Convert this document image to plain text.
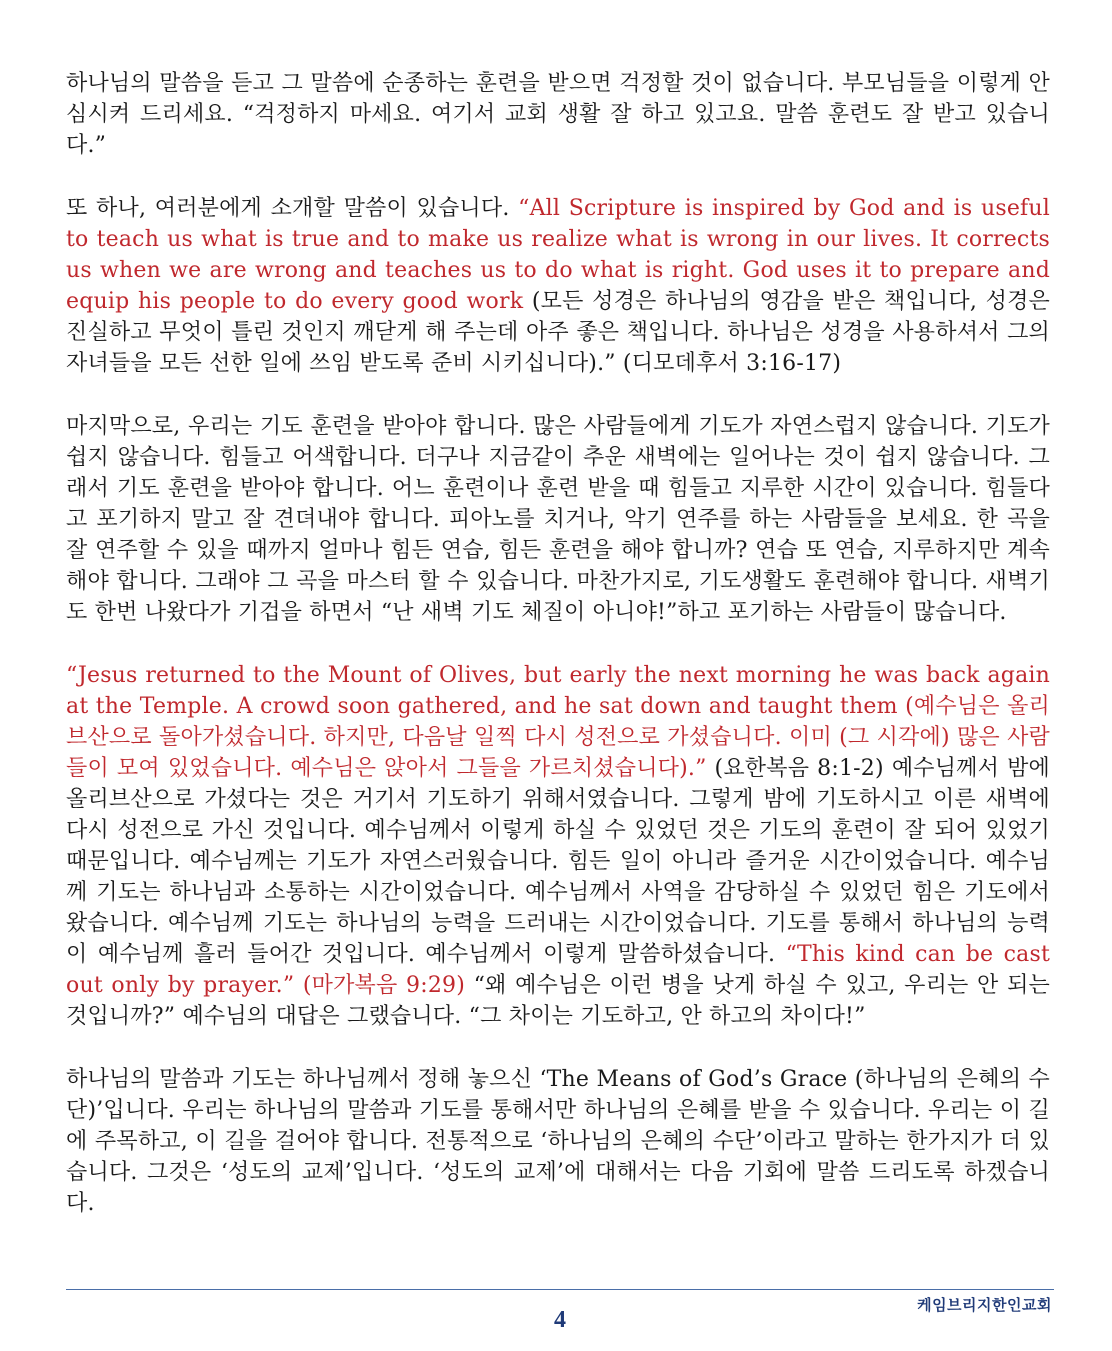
하나님의 말씀을 듣고 그 말씀에 순종하는 훈련을 받으면 걱정할 것이 없습니다. 부모님들을 이렇게 안심시켜 드리세요. “걱정하지 마세요. 여기서 교회 생활 잘 하고 있고요. 말씀 훈련도 잘 받고 있습니다.”

또 하나, 여러분에게 소개할 말씀이 있습니다. “All Scripture is inspired by God and is useful to teach us what is true and to make us realize what is wrong in our lives. It corrects us when we are wrong and teaches us to do what is right. God uses it to prepare and equip his people to do every good work (모든 성경은 하나님의 영감을 받은 책입니다, 성경은 진실하고 무엇이 틀린 것인지 깨닫게 해 주는데 아주 좋은 책입니다. 하나님은 성경을 사용하셔서 그의 자녀들을 모든 선한 일에 쓰임 받도록 준비 시키십니다).” (디모데후서 3:16-17)

마지막으로, 우리는 기도 훈련을 받아야 합니다. 많은 사람들에게 기도가 자연스럽지 않습니다. 기도가 쉽지 않습니다. 힘들고 어색합니다. 더구나 지금같이 추운 새벽에는 일어나는 것이 쉽지 않습니다. 그래서 기도 훈련을 받아야 합니다. 어느 훈련이나 훈련 받을 때 힘들고 지루한 시간이 있습니다. 힘들다고 포기하지 말고 잘 견뎌내야 합니다. 피아노를 치거나, 악기 연주를 하는 사람들을 보세요. 한 곡을 잘 연주할 수 있을 때까지 얼마나 힘든 연습, 힘든 훈련을 해야 합니까? 연습 또 연습, 지루하지만 계속해야 합니다. 그래야 그 곡을 마스터 할 수 있습니다. 마찬가지로, 기도생활도 훈련해야 합니다. 새벽기도 한번 나왔다가 기겁을 하면서 “난 새벽 기도 체질이 아니야!”하고 포기하는 사람들이 많습니다.

“Jesus returned to the Mount of Olives, but early the next morning he was back again at the Temple. A crowd soon gathered, and he sat down and taught them (예수님은 올리브산으로 돌아가셨습니다. 하지만, 다음날 일찍 다시 성전으로 가셨습니다. 이미 (그 시각에) 많은 사람들이 모여 있었습니다. 예수님은 앉아서 그들을 가르치셨습니다).” (요한복음 8:1-2) 예수님께서 밤에 올리브산으로 가셨다는 것은 거기서 기도하기 위해서였습니다. 그렇게 밤에 기도하시고 이른 새벽에 다시 성전으로 가신 것입니다. 예수님께서 이렇게 하실 수 있었던 것은 기도의 훈련이 잘 되어 있었기 때문입니다. 예수님께는 기도가 자연스러웠습니다. 힘든 일이 아니라 즐거운 시간이었습니다. 예수님께 기도는 하나님과 소통하는 시간이었습니다. 예수님께서 사역을 감당하실 수 있었던 힘은 기도에서 왔습니다. 예수님께 기도는 하나님의 능력을 드러내는 시간이었습니다. 기도를 통해서 하나님의 능력이 예수님께 흘러 들어간 것입니다. 예수님께서 이렇게 말씀하셨습니다. “This kind can be cast out only by prayer.” (마가복음 9:29) “왜 예수님은 이런 병을 낫게 하실 수 있고, 우리는 안 되는 것입니까?” 예수님의 대답은 그랬습니다. “그 차이는 기도하고, 안 하고의 차이다!”

하나님의 말씀과 기도는 하나님께서 정해 놓으신 ‘The Means of God’s Grace (하나님의 은혜의 수단)’입니다. 우리는 하나님의 말씀과 기도를 통해서만 하나님의 은혜를 받을 수 있습니다. 우리는 이 길에 주목하고, 이 길을 걸어야 합니다. 전통적으로 ‘하나님의 은혜의 수단’이라고 말하는 한가지가 더 있습니다. 그것은 ‘성도의 교제’입니다. ‘성도의 교제’에 대해서는 다음 기회에 말씀 드리도록 하겠습니다.

케임브리지한인교회
4
